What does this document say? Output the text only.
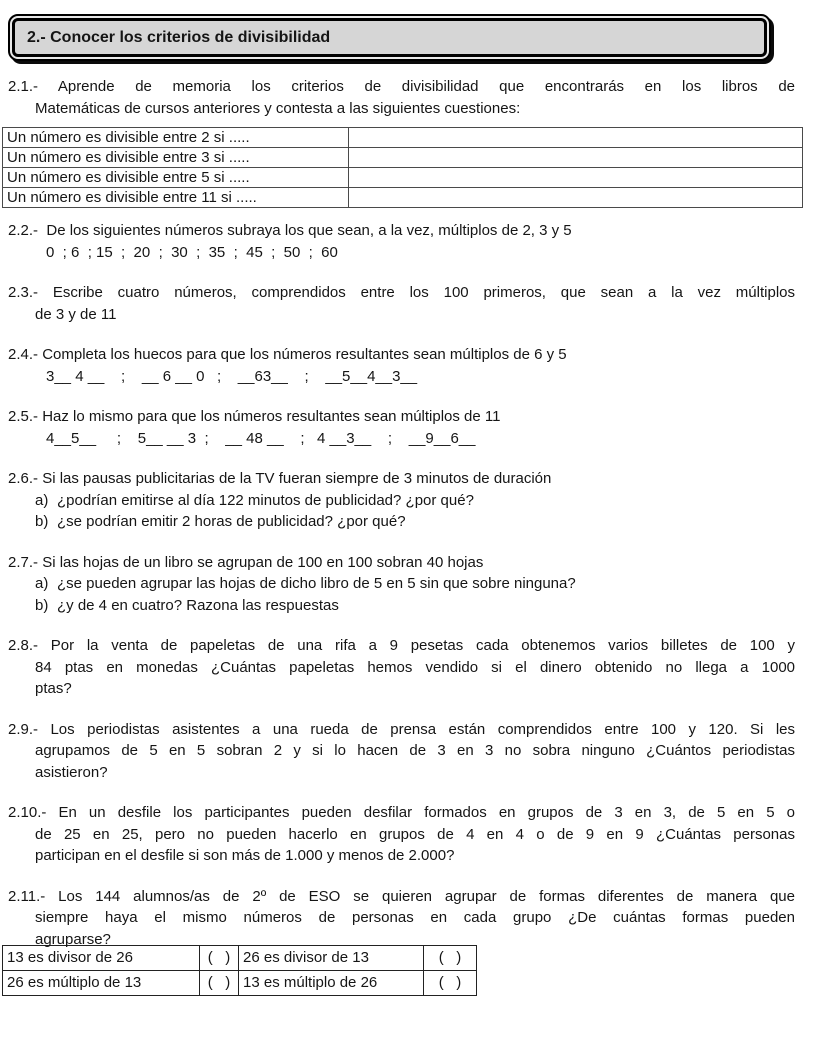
2.- Conocer los criterios de divisibilidad
2.1.- Aprende de memoria los criterios de divisibilidad que encontrarás en los libros de
Matemáticas de cursos anteriores y contesta a las siguientes cuestiones:
Un número es divisible entre 2 si .....	
Un número es divisible entre 3 si .....	
Un número es divisible entre 5 si .....	
Un número es divisible entre 11 si .....	
2.2.- De los siguientes números subraya los que sean, a la vez, múltiplos de 2, 3 y 5
0  ; 6  ; 15  ;  20  ;  30  ;  35  ;  45  ;  50  ;  60
2.3.- Escribe cuatro números, comprendidos entre los 100 primeros, que sean a la vez múltiplos
de 3 y de 11
2.4.- Completa los huecos para que los números resultantes sean múltiplos de 6 y 5
3__ 4 __    ;    __ 6 __ 0   ;    __63__    ;    __5__4__3__
2.5.- Haz lo mismo para que los números resultantes sean múltiplos de 11
4__5__     ;    5__ __ 3  ;    __ 48 __    ;   4 __3__    ;    __9__6__
2.6.- Si las pausas publicitarias de la TV fueran siempre de 3 minutos de duración
a) ¿podrían emitirse al día 122 minutos de publicidad? ¿por qué?
b) ¿se podrían emitir 2 horas de publicidad? ¿por qué?
2.7.- Si las hojas de un libro se agrupan de 100 en 100 sobran 40 hojas
a) ¿se pueden agrupar las hojas de dicho libro de 5 en 5 sin que sobre ninguna?
b) ¿y de 4 en cuatro? Razona las respuestas
2.8.- Por la venta de papeletas de una rifa a 9 pesetas cada obtenemos varios billetes de 100 y
84 ptas en monedas ¿Cuántas papeletas hemos vendido si el dinero obtenido no llega a 1000
ptas?
2.9.- Los periodistas asistentes a una rueda de prensa están comprendidos entre 100 y 120. Si les
agrupamos de 5 en 5 sobran 2 y si lo hacen de 3 en 3 no sobra ninguno ¿Cuántos periodistas
asistieron?
2.10.- En un desfile los participantes pueden desfilar formados en grupos de 3 en 3, de 5 en 5 o
de 25 en 25, pero no pueden hacerlo en grupos de 4 en 4 o de 9 en 9 ¿Cuántas personas
participan en el desfile si son más de 1.000 y menos de 2.000?
2.11.- Los 144 alumnos/as de 2º de ESO se quieren agrupar de formas diferentes de manera que
siempre haya el mismo números de personas en cada grupo ¿De cuántas formas pueden
agruparse?
13 es divisor de 26	(   )	26 es divisor de 13	(   )
26 es múltiplo de 13	(   )	13 es múltiplo de 26	(   )
